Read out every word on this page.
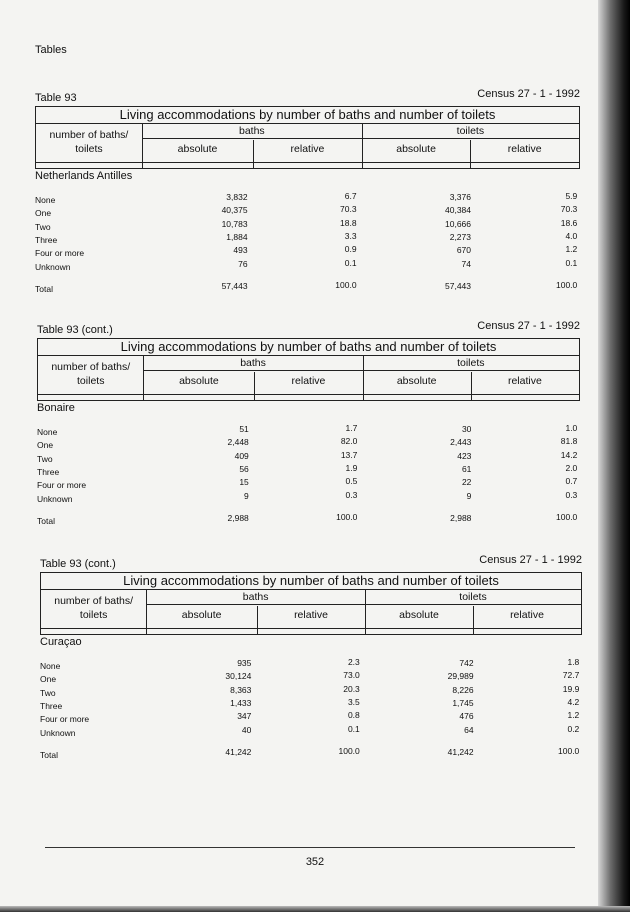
Tables
Table 93	Census 27 - 1 - 1992
Living accommodations by number of baths and number of toilets
number of baths/ toilets
baths	toilets
absolute	relative	absolute	relative
Netherlands Antilles
None	3,832	6.7	3,376	5.9
One	40,375	70.3	40,384	70.3
Two	10,783	18.8	10,666	18.6
Three	1,884	3.3	2,273	4.0
Four or more	493	0.9	670	1.2
Unknown	76	0.1	74	0.1
Total	57,443	100.0	57,443	100.0
Table 93 (cont.)	Census 27 - 1 - 1992
Living accommodations by number of baths and number of toilets
number of baths/ toilets
baths	toilets
absolute	relative	absolute	relative
Bonaire
None	51	1.7	30	1.0
One	2,448	82.0	2,443	81.8
Two	409	13.7	423	14.2
Three	56	1.9	61	2.0
Four or more	15	0.5	22	0.7
Unknown	9	0.3	9	0.3
Total	2,988	100.0	2,988	100.0
Table 93 (cont.)	Census 27 - 1 - 1992
Living accommodations by number of baths and number of toilets
number of baths/ toilets
baths	toilets
absolute	relative	absolute	relative
Curaçao
None	935	2.3	742	1.8
One	30,124	73.0	29,989	72.7
Two	8,363	20.3	8,226	19.9
Three	1,433	3.5	1,745	4.2
Four or more	347	0.8	476	1.2
Unknown	40	0.1	64	0.2
Total	41,242	100.0	41,242	100.0
352
